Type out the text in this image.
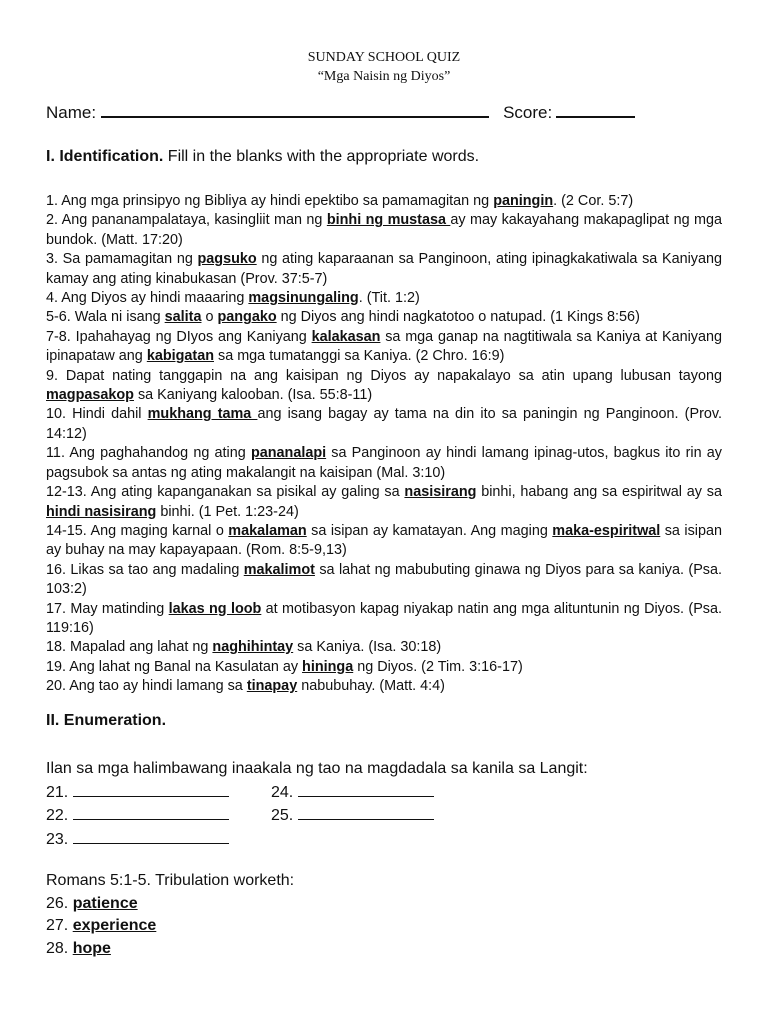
SUNDAY SCHOOL QUIZ
“Mga Naisin ng Diyos”
Name:	Score:
I. Identification. Fill in the blanks with the appropriate words.

1. Ang mga prinsipyo ng Bibliya ay hindi epektibo sa pamamagitan ng paningin. (2 Cor. 5:7)

2. Ang pananampalataya, kasingliit man ng binhi ng mustasa ay may kakayahang makapaglipat ng mga bundok. (Matt. 17:20)

3. Sa pamamagitan ng pagsuko ng ating kaparaanan sa Panginoon, ating ipinagkakatiwala sa Kaniyang kamay ang ating kinabukasan (Prov. 37:5-7)

4. Ang Diyos ay hindi maaaring magsinungaling. (Tit. 1:2)

5-6. Wala ni isang salita o pangako ng Diyos ang hindi nagkatotoo o natupad. (1 Kings 8:56)

7-8. Ipahahayag ng DIyos ang Kaniyang kalakasan sa mga ganap na nagtitiwala sa Kaniya at Kaniyang ipinapataw ang kabigatan sa mga tumatanggi sa Kaniya. (2 Chro. 16:9)

9. Dapat nating tanggapin na ang kaisipan ng Diyos ay napakalayo sa atin upang lubusan tayong magpasakop sa Kaniyang kalooban. (Isa. 55:8-11)

10. Hindi dahil mukhang tama ang isang bagay ay tama na din ito sa paningin ng Panginoon. (Prov. 14:12)

11. Ang paghahandog ng ating pananalapi sa Panginoon ay hindi lamang ipinag-utos, bagkus ito rin ay pagsubok sa antas ng ating makalangit na kaisipan (Mal. 3:10)

12-13. Ang ating kapanganakan sa pisikal ay galing sa nasisirang binhi, habang ang sa espiritwal ay sa hindi nasisirang binhi. (1 Pet. 1:23-24)

14-15. Ang maging karnal o makalaman sa isipan ay kamatayan. Ang maging maka-espiritwal sa isipan ay buhay na may kapayapaan. (Rom. 8:5-9,13)

16. Likas sa tao ang madaling makalimot sa lahat ng mabubuting ginawa ng Diyos para sa kaniya. (Psa. 103:2)

17. May matinding lakas ng loob at motibasyon kapag niyakap natin ang mga alituntunin ng Diyos. (Psa. 119:16)

18. Mapalad ang lahat ng naghihintay sa Kaniya. (Isa. 30:18)

19. Ang lahat ng Banal na Kasulatan ay hininga ng Diyos. (2 Tim. 3:16-17)

20. Ang tao ay hindi lamang sa tinapay nabubuhay. (Matt. 4:4)

II. Enumeration.
Ilan sa mga halimbawang inaakala ng tao na magdadala sa kanila sa Langit:
21.	24.
22.	25.
23.
Romans 5:1-5. Tribulation worketh:
26. patience
27. experience
28. hope
